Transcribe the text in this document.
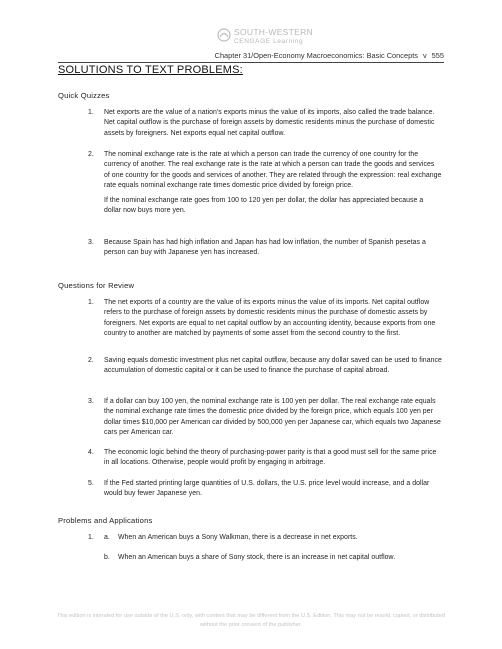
SOUTH-WESTERN
CENGAGE Learning
Chapter 31/Open-Economy Macroeconomics: Basic Concepts v 555
SOLUTIONS TO TEXT PROBLEMS:
Quick Quizzes
1. Net exports are the value of a nation's exports minus the value of its imports, also called the trade balance. Net capital outflow is the purchase of foreign assets by domestic residents minus the purchase of domestic assets by foreigners. Net exports equal net capital outflow.
2. The nominal exchange rate is the rate at which a person can trade the currency of one country for the currency of another. The real exchange rate is the rate at which a person can trade the goods and services of one country for the goods and services of another. They are related through the expression: real exchange rate equals nominal exchange rate times domestic price divided by foreign price.
If the nominal exchange rate goes from 100 to 120 yen per dollar, the dollar has appreciated because a dollar now buys more yen.
3. Because Spain has had high inflation and Japan has had low inflation, the number of Spanish pesetas a person can buy with Japanese yen has increased.
Questions for Review
1. The net exports of a country are the value of its exports minus the value of its imports. Net capital outflow refers to the purchase of foreign assets by domestic residents minus the purchase of domestic assets by foreigners. Net exports are equal to net capital outflow by an accounting identity, because exports from one country to another are matched by payments of some asset from the second country to the first.
2. Saving equals domestic investment plus net capital outflow, because any dollar saved can be used to finance accumulation of domestic capital or it can be used to finance the purchase of capital abroad.
3. If a dollar can buy 100 yen, the nominal exchange rate is 100 yen per dollar. The real exchange rate equals the nominal exchange rate times the domestic price divided by the foreign price, which equals 100 yen per dollar times $10,000 per American car divided by 500,000 yen per Japanese car, which equals two Japanese cars per American car.
4. The economic logic behind the theory of purchasing-power parity is that a good must sell for the same price in all locations. Otherwise, people would profit by engaging in arbitrage.
5. If the Fed started printing large quantities of U.S. dollars, the U.S. price level would increase, and a dollar would buy fewer Japanese yen.
Problems and Applications
1. a. When an American buys a Sony Walkman, there is a decrease in net exports.
b. When an American buys a share of Sony stock, there is an increase in net capital outflow.
This edition is intended for use outside of the U.S. only, with content that may be different from the U.S. Edition. This may not be resold, copied, or distributed without the prior consent of the publisher.
